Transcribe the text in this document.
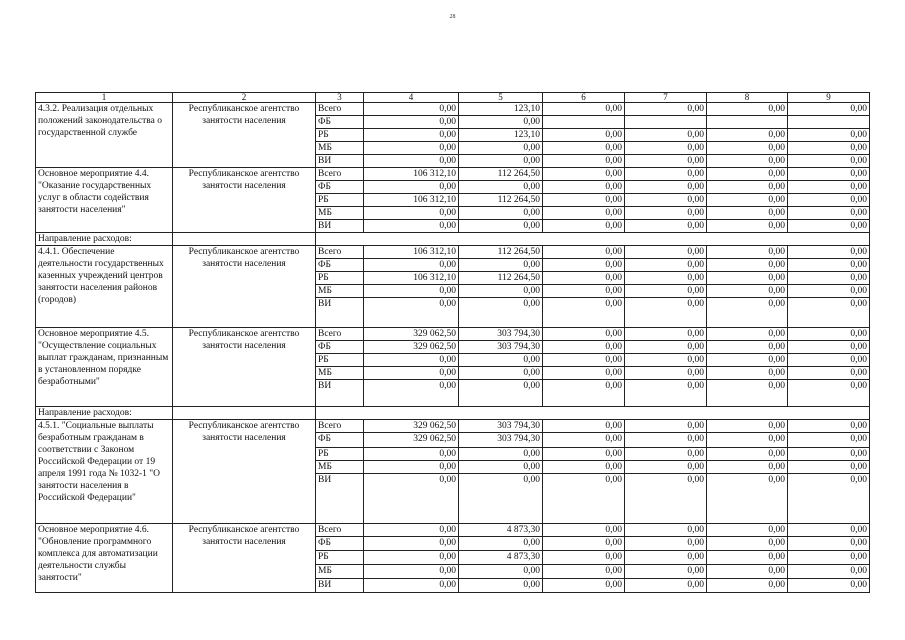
28
1	2	3	4	5	6	7	8	9
4.3.2. Реализация отдельных положений законодательства о государственной службе	Республиканское агентство занятости населения	Всего	0,00	123,10	0,00	0,00	0,00	0,00
		ФБ	0,00	0,00				
		РБ	0,00	123,10	0,00	0,00	0,00	0,00
		МБ	0,00	0,00	0,00	0,00	0,00	0,00
		ВИ	0,00	0,00	0,00	0,00	0,00	0,00
Основное мероприятие 4.4. "Оказание государственных услуг в области содействия занятости населения"	Республиканское агентство занятости населения	Всего	106 312,10	112 264,50	0,00	0,00	0,00	0,00
		ФБ	0,00	0,00	0,00	0,00	0,00	0,00
		РБ	106 312,10	112 264,50	0,00	0,00	0,00	0,00
		МБ	0,00	0,00	0,00	0,00	0,00	0,00
		ВИ	0,00	0,00	0,00	0,00	0,00	0,00
Направление расходов:								
4.4.1. Обеспечение деятельности государственных казенных учреждений центров занятости населения районов (городов)	Республиканское агентство занятости населения	Всего	106 312,10	112 264,50	0,00	0,00	0,00	0,00
		ФБ	0,00	0,00	0,00	0,00	0,00	0,00
		РБ	106 312,10	112 264,50	0,00	0,00	0,00	0,00
		МБ	0,00	0,00	0,00	0,00	0,00	0,00
		ВИ	0,00	0,00	0,00	0,00	0,00	0,00
Основное мероприятие 4.5. "Осуществление социальных выплат гражданам, признанным в установленном порядке безработными"	Республиканское агентство занятости населения	Всего	329 062,50	303 794,30	0,00	0,00	0,00	0,00
		ФБ	329 062,50	303 794,30	0,00	0,00	0,00	0,00
		РБ	0,00	0,00	0,00	0,00	0,00	0,00
		МБ	0,00	0,00	0,00	0,00	0,00	0,00
		ВИ	0,00	0,00	0,00	0,00	0,00	0,00
Направление расходов:								
4.5.1. "Социальные выплаты безработным гражданам в соответствии с Законом Российской Федерации от 19 апреля 1991 года № 1032-1 "О занятости населения в Российской Федерации"	Республиканское агентство занятости населения	Всего	329 062,50	303 794,30	0,00	0,00	0,00	0,00
		ФБ	329 062,50	303 794,30	0,00	0,00	0,00	0,00
		РБ	0,00	0,00	0,00	0,00	0,00	0,00
		МБ	0,00	0,00	0,00	0,00	0,00	0,00
		ВИ	0,00	0,00	0,00	0,00	0,00	0,00
Основное мероприятие 4.6. "Обновление программного комплекса для автоматизации деятельности службы занятости"	Республиканское агентство занятости населения	Всего	0,00	4 873,30	0,00	0,00	0,00	0,00
		ФБ	0,00	0,00	0,00	0,00	0,00	0,00
		РБ	0,00	4 873,30	0,00	0,00	0,00	0,00
		МБ	0,00	0,00	0,00	0,00	0,00	0,00
		ВИ	0,00	0,00	0,00	0,00	0,00	0,00
